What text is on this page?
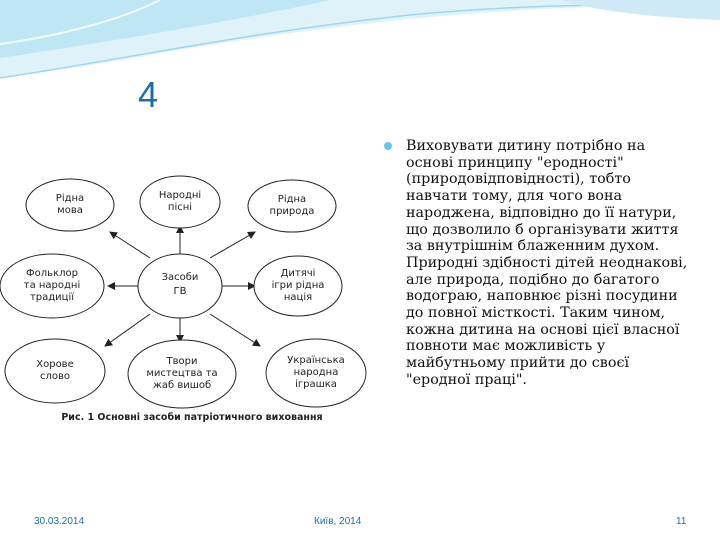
4
Рідна
мова
Народні
пісні
Рідна
природа
Фольклор
та народні
традиції
Засоби
ГВ
Дитячі
ігри рідна
нація
Хорове
слово
Твори
мистецтва та
жаб вишоб
Українська
народна
іграшка
Рис. 1 Основні засоби патріотичного виховання

Виховувати дитину потрібно на основі принципу "еродності" (природовідповідності), тобто навчати тому, для чого вона народжена, відповідно до її натури, що дозволило б організувати життя за внутрішнім блаженним духом. Природні здібності дітей неоднакові, але природа, подібно до багатого водограю, наповнює різні посудини до повної місткості. Таким чином, кожна дитина на основі цієї власної повноти має можливість у майбутньому прийти до своєї "еродної праці".

30.03.2014	Київ, 2014	11
